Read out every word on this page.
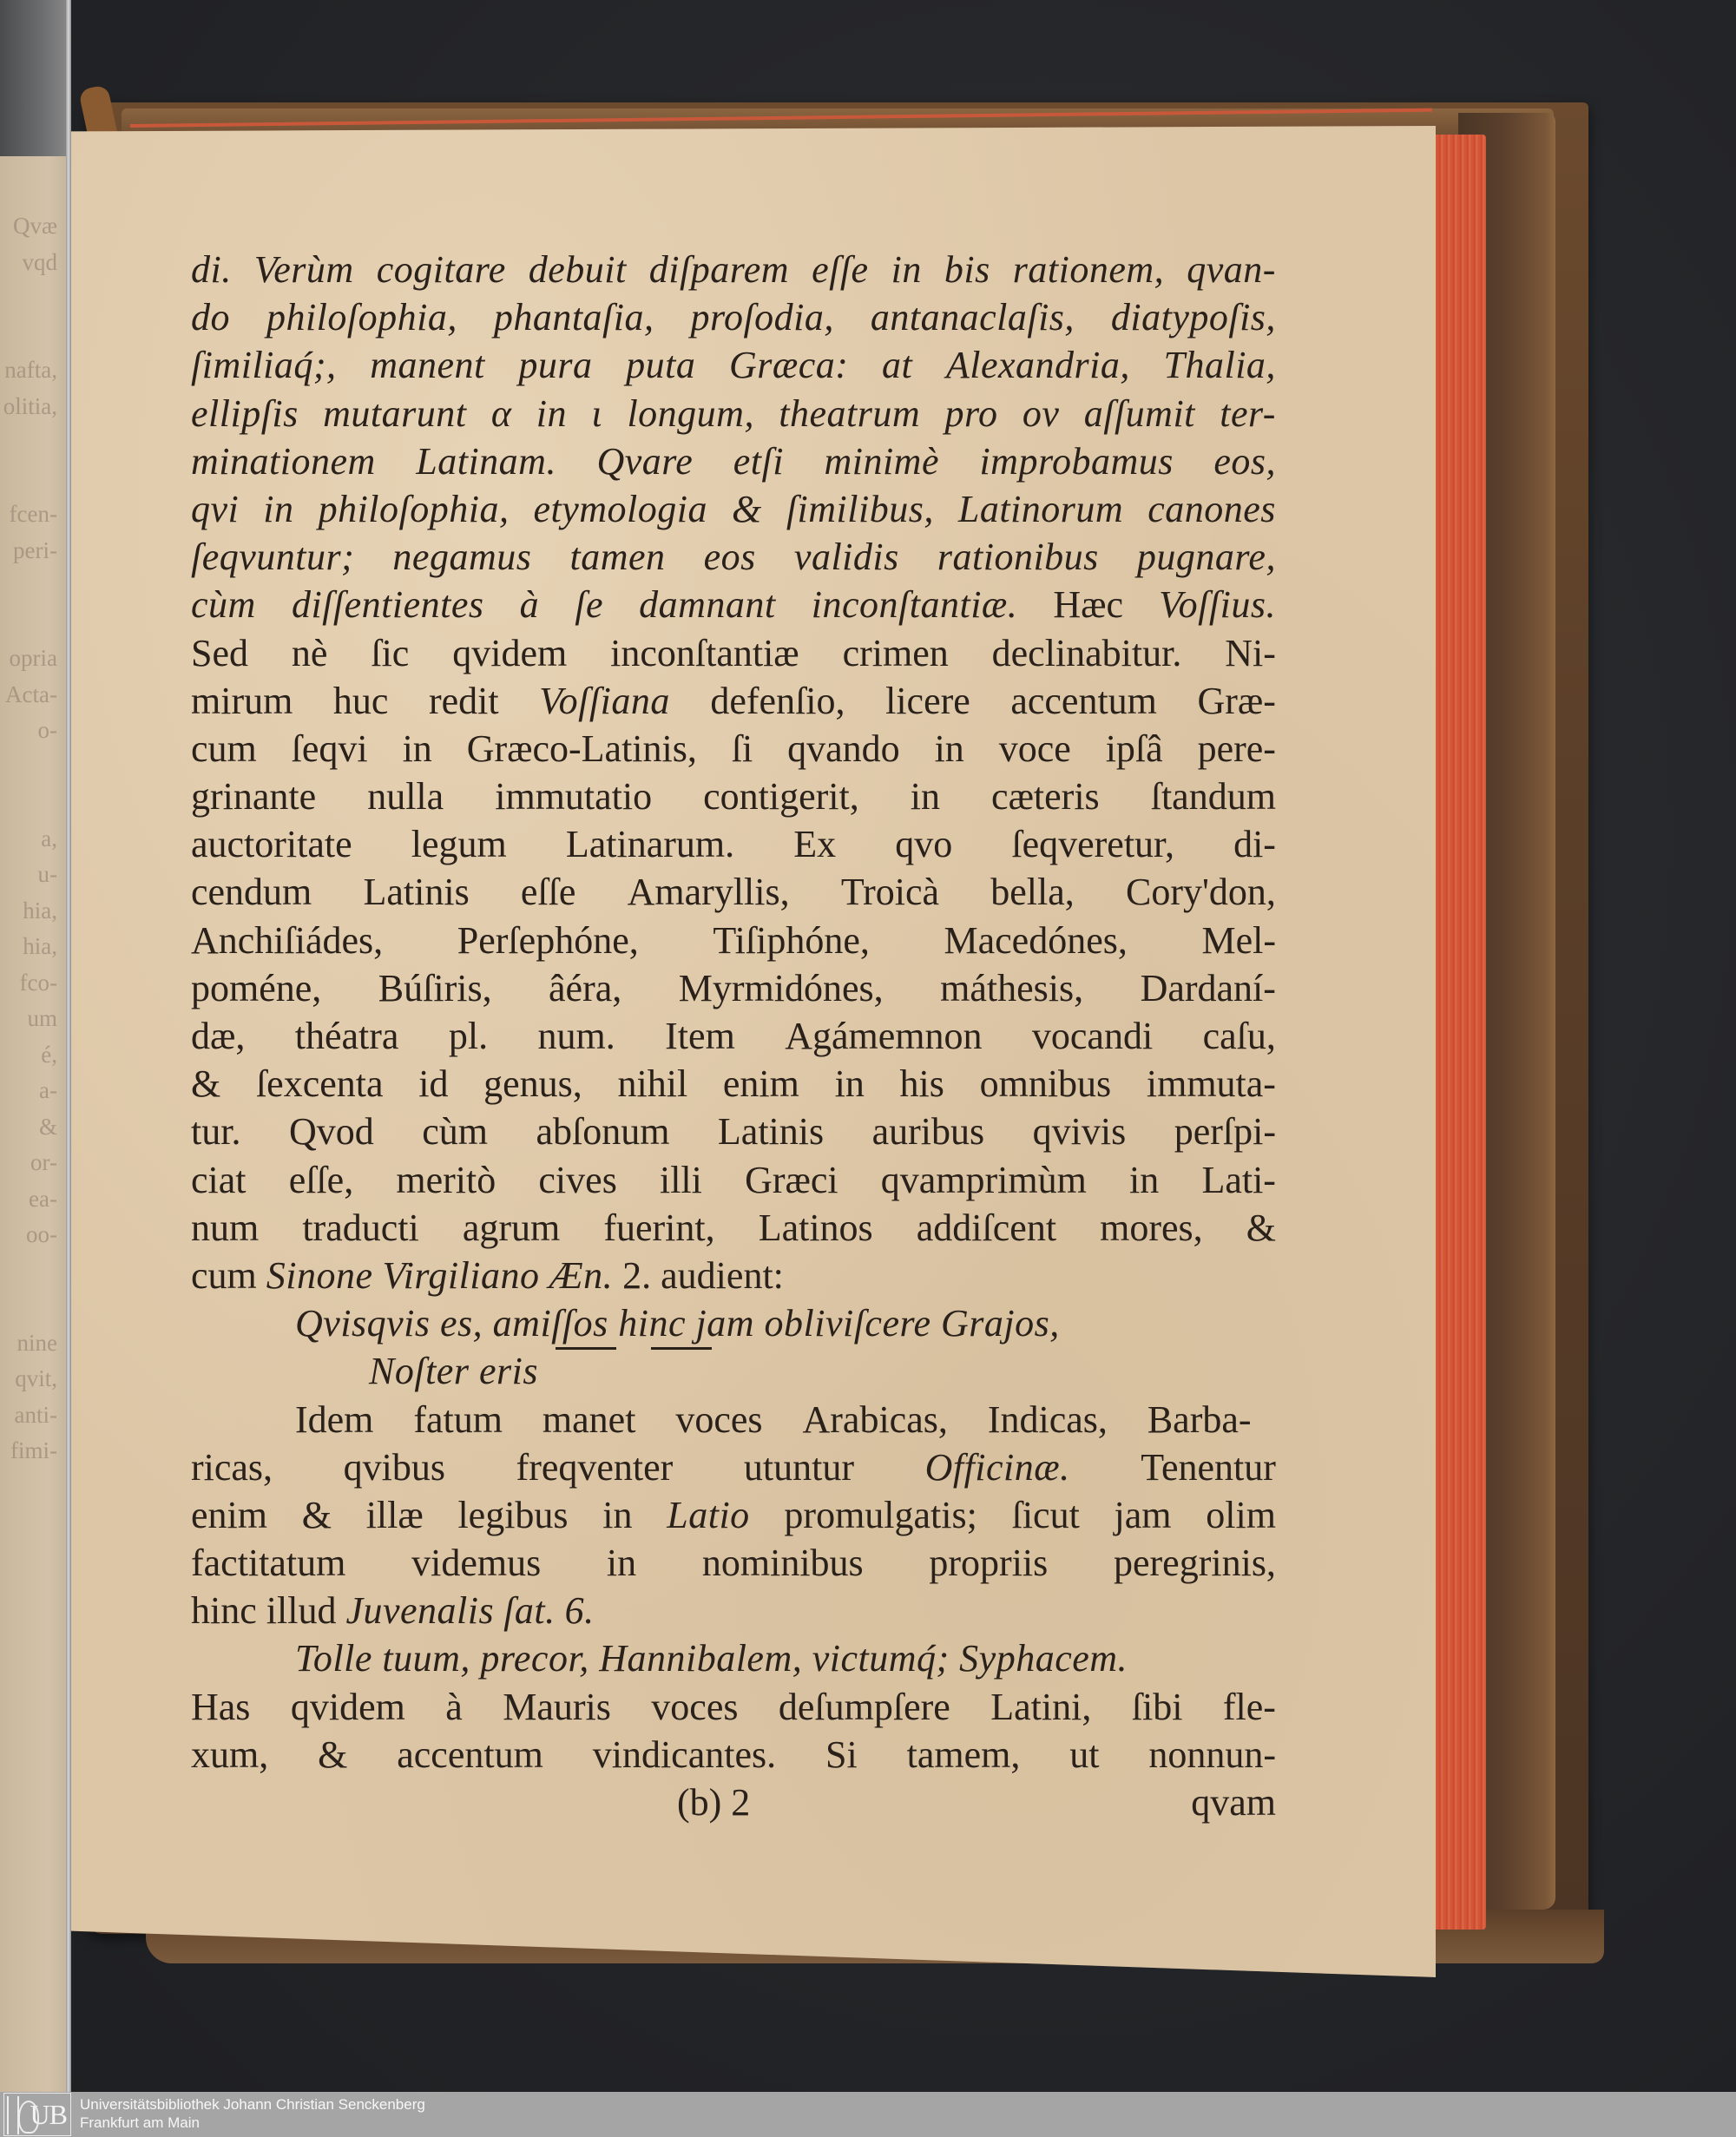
Qvæ
vqd
nafta,
olitia,
fcen-
peri-
opria
Acta-
o-
a,
u-
hia,
hia,
fco-
um
é,
a-
&
or-
ea-
oo-
nine
qvit,
anti-
fimi-
di. Verùm cogitare debuit diſparem eſſe in bis rationem, qvan-
do philoſophia, phantaſia, proſodia, antanaclaſis, diatypoſis,
ſimiliaq́;, manent pura puta Græca: at Alexandria, Thalia,
ellipſis mutarunt α in ι longum, theatrum pro ον aſſumit ter-
minationem Latinam. Qvare etſi minimè improbamus eos,
qvi in philoſophia, etymologia & ſimilibus, Latinorum canones
ſeqvuntur; negamus tamen eos validis rationibus pugnare,
cùm diſſentientes à ſe damnant inconſtantiæ. Hæc Voſſius.
Sed nè ſic qvidem inconſtantiæ crimen declinabitur. Ni-
mirum huc redit Voſſiana defenſio, licere accentum Græ-
cum ſeqvi in Græco-Latinis, ſi qvando in voce ipſâ pere-
grinante nulla immutatio contigerit, in cæteris ſtandum
auctoritate legum Latinarum. Ex qvo ſeqveretur, di-
cendum Latinis eſſe Amaryllis, Troicà bella, Cory'don,
Anchiſiádes, Perſephóne, Tiſiphóne, Macedónes, Mel-
poméne, Búſiris, âéra, Myrmidónes, máthesis, Dardaní-
dæ, théatra pl. num. Item Agámemnon vocandi caſu,
& ſexcenta id genus, nihil enim in his omnibus immuta-
tur. Qvod cùm abſonum Latinis auribus qvivis perſpi-
ciat eſſe, meritò cives illi Græci qvamprimùm in Lati-
num traducti agrum fuerint, Latinos addiſcent mores, &
cum
Sinone
Virgiliano
Æn.
2.
audient:

Qvisqvis es, amiſſos hinc jam obliviſcere Grajos,
Noſter eris
Idem
fatum
manet
voces
Arabicas,
Indicas,
Barba-

ricas, qvibus freqventer utuntur Officinæ. Tenentur
enim & illæ legibus in Latio promulgatis; ſicut jam olim
factitatum videmus in nominibus propriis peregrinis,
hinc
illud
Juvenalis
ſat.
6.

Tolle tuum, precor, Hannibalem, victumq́; Syphacem.
Has qvidem à Mauris voces deſumpſere Latini, ſibi fle-
xum, & accentum vindicantes. Si tamem, ut nonnun-
(b) 2	qvam
UB Universitätsbibliothek Johann Christian Senckenberg
Frankfurt am Main
